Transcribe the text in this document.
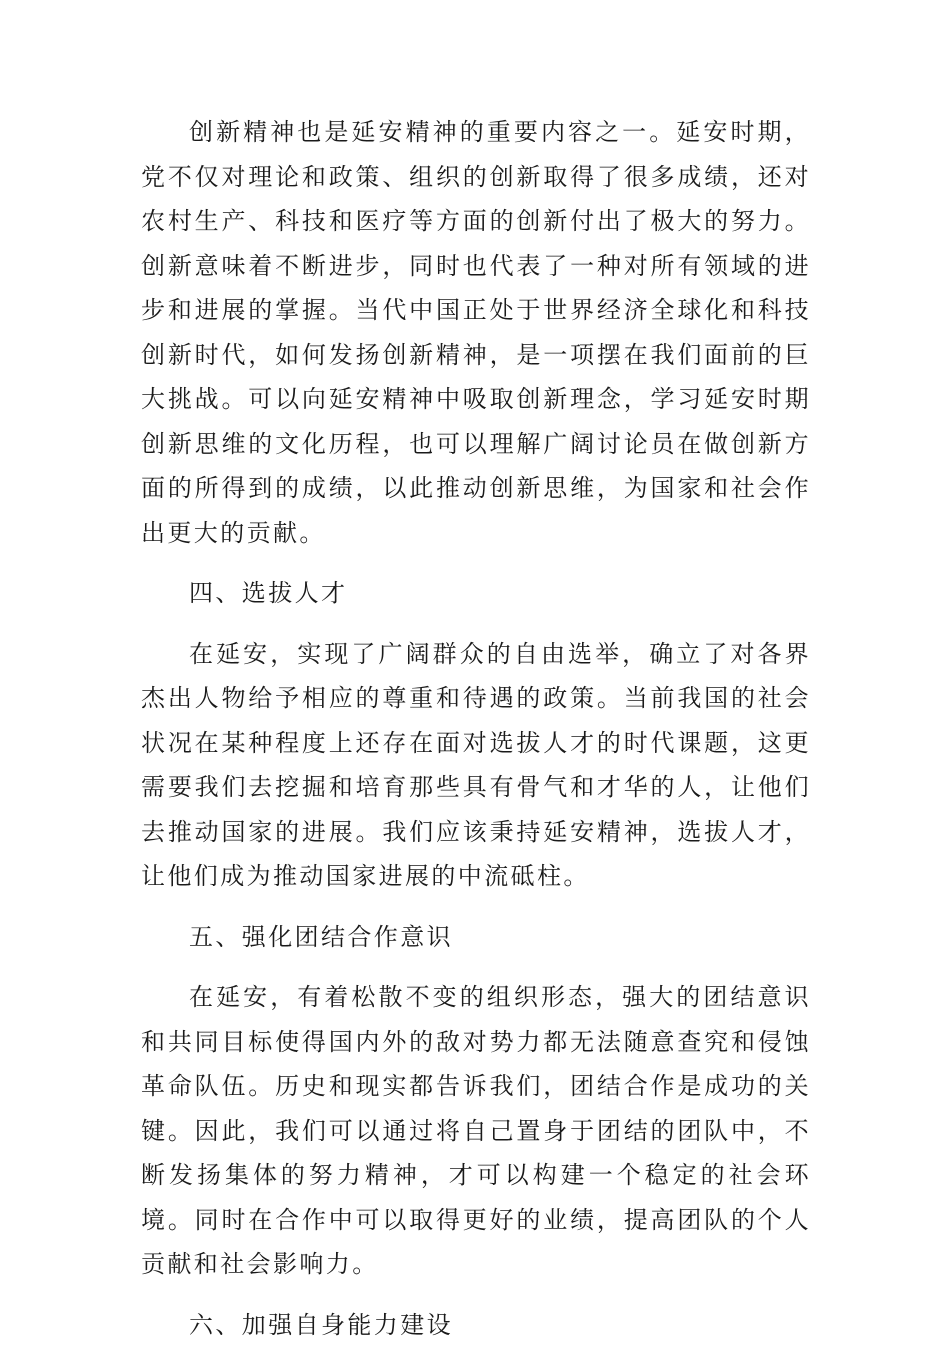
创新精神也是延安精神的重要内容之一。延安时期，党不仅对理论和政策、组织的创新取得了很多成绩，还对农村生产、科技和医疗等方面的创新付出了极大的努力。创新意味着不断进步，同时也代表了一种对所有领域的进步和进展的掌握。当代中国正处于世界经济全球化和科技创新时代，如何发扬创新精神，是一项摆在我们面前的巨大挑战。可以向延安精神中吸取创新理念，学习延安时期创新思维的文化历程，也可以理解广阔讨论员在做创新方面的所得到的成绩，以此推动创新思维，为国家和社会作出更大的贡献。

四、选拔人才

在延安，实现了广阔群众的自由选举，确立了对各界杰出人物给予相应的尊重和待遇的政策。当前我国的社会状况在某种程度上还存在面对选拔人才的时代课题，这更需要我们去挖掘和培育那些具有骨气和才华的人，让他们去推动国家的进展。我们应该秉持延安精神，选拔人才，让他们成为推动国家进展的中流砥柱。

五、强化团结合作意识

在延安，有着松散不变的组织形态，强大的团结意识和共同目标使得国内外的敌对势力都无法随意查究和侵蚀革命队伍。历史和现实都告诉我们，团结合作是成功的关键。因此，我们可以通过将自己置身于团结的团队中，不断发扬集体的努力精神，才可以构建一个稳定的社会环境。同时在合作中可以取得更好的业绩，提高团队的个人贡献和社会影响力。

六、加强自身能力建设
